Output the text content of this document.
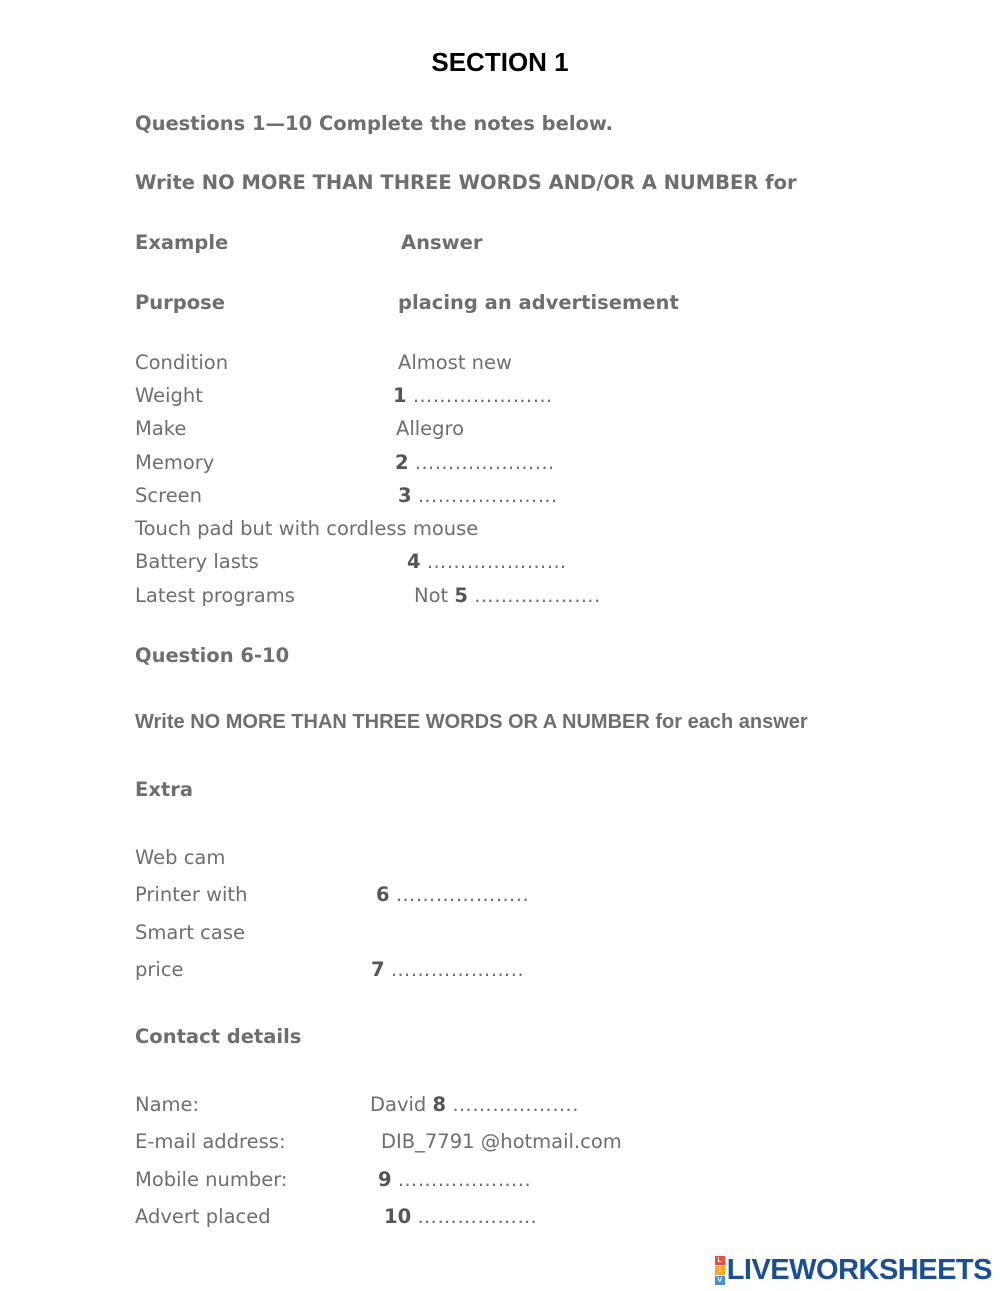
SECTION 1
Questions 1—10 Complete the notes below.
Write NO MORE THAN THREE WORDS AND/OR A NUMBER for
Example	Answer
Purpose	placing an advertisement
Condition	Almost new
Weight	1 …………………
Make	Allegro
Memory	2 …………………
Screen	3 …………………
Touch pad but with cordless mouse
Battery lasts	4 …………………
Latest programs	Not 5 ……………….
Question 6-10
Write NO MORE THAN THREE WORDS OR A NUMBER for each answer
Extra
Web cam
Printer with	6 ………………..
Smart case
price	7 ………………..
Contact details
Name:	David 8 ……………….
E-mail address:	DIB_7791 @hotmail.com
Mobile number:	9 ………………..
Advert placed	10 ………………
L
I
V LIVEWORKSHEETS
